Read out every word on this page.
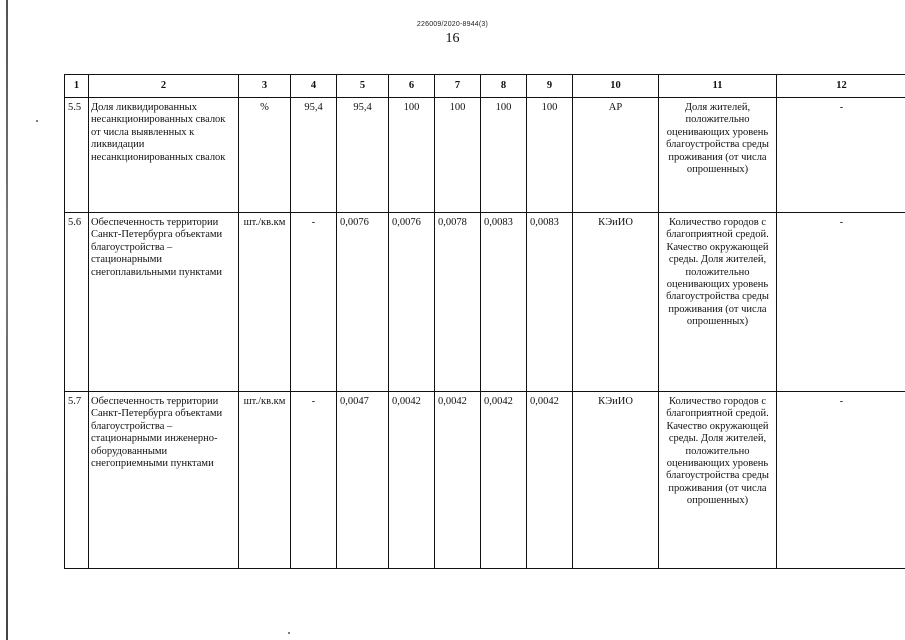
226009/2020-8944(3)
16
1	2	3	4	5	6	7	8	9	10	11	12
5.5	Доля ликвидированных несанкционированных свалок от числа выявленных к ликвидации несанкционированных свалок	%	95,4	95,4	100	100	100	100	АР	Доля жителей, положительно оценивающих уровень благоустройства среды проживания (от числа опрошенных)	-
5.6	Обеспеченность территории Санкт-Петербурга объектами благоустройства – стационарными снегоплавильными пунктами	шт./кв.км	-	0,0076	0,0076	0,0078	0,0083	0,0083	КЭиИО	Количество городов с благоприятной средой. Качество окружающей среды. Доля жителей, положительно оценивающих уровень благоустройства среды проживания (от числа опрошенных)	-
5.7	Обеспеченность территории Санкт-Петербурга объектами благоустройства – стационарными инженерно-оборудованными снегоприемными пунктами	шт./кв.км	-	0,0047	0,0042	0,0042	0,0042	0,0042	КЭиИО	Количество городов с благоприятной средой. Качество окружающей среды. Доля жителей, положительно оценивающих уровень благоустройства среды проживания (от числа опрошенных)	-
